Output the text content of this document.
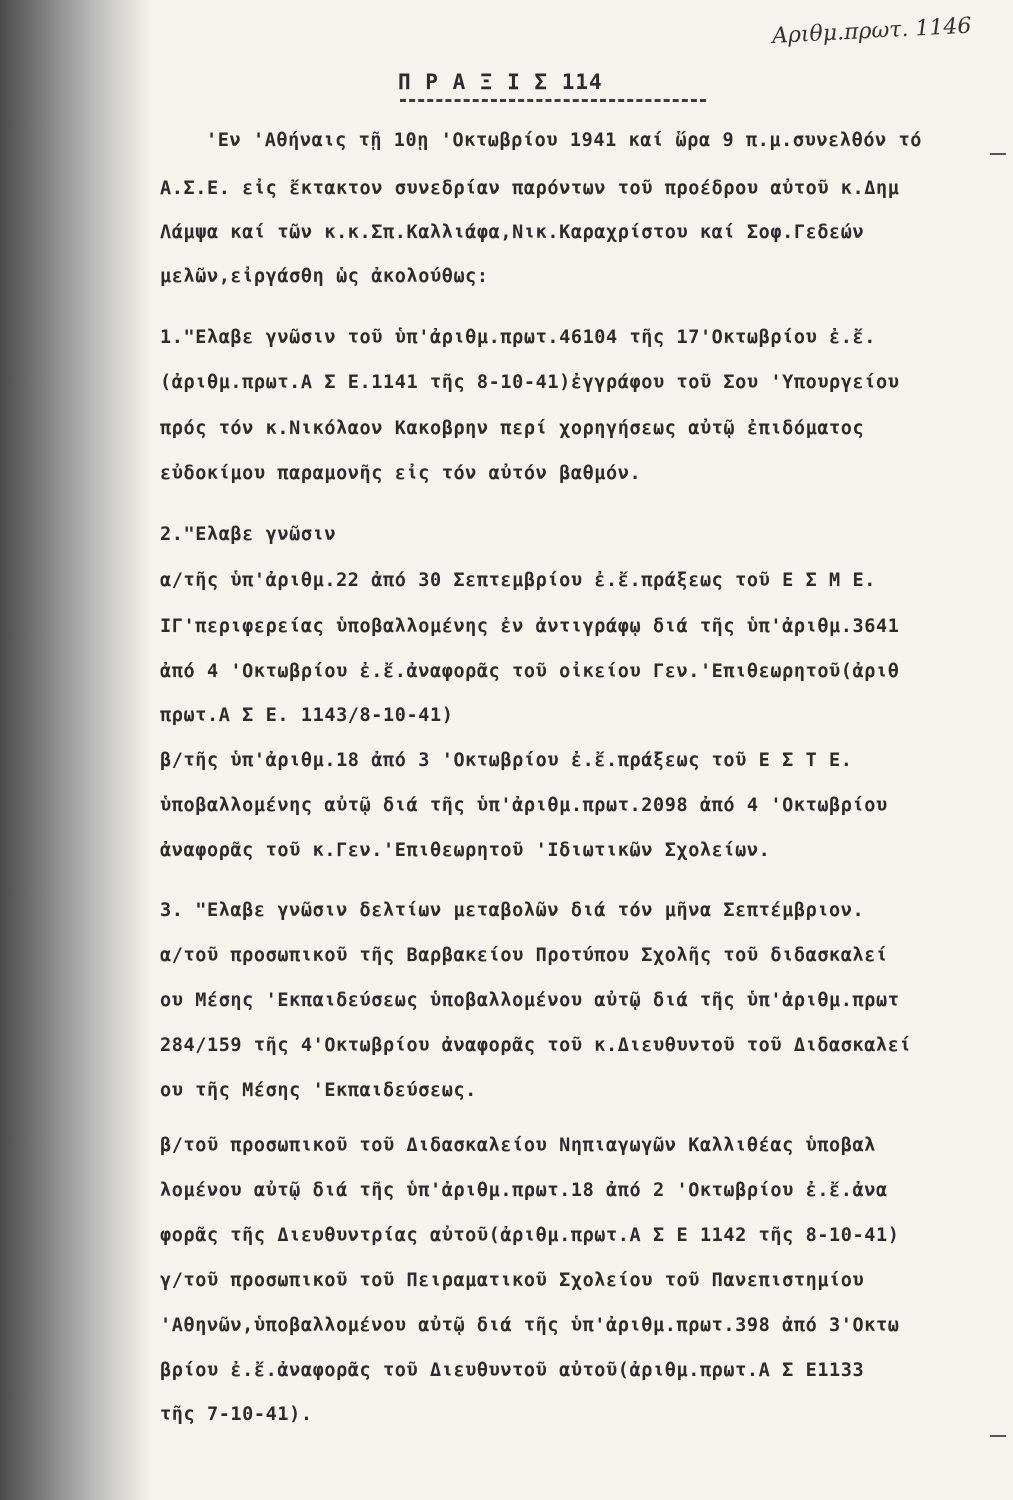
Αριθμ.πρωτ. 1146
Π Ρ Α Ξ Ι Σ 114
'Εν 'Αθήναις τῇ 10ῃ 'Οκτωβρίου 1941 καί ὥρα 9 π.μ.συνελθόν τό
Α.Σ.Ε. εἰς ἔκτακτον συνεδρίαν παρόντων τοῦ προέδρου αὐτοῦ κ.Δημ
Λάμψα καί τῶν κ.κ.Σπ.Καλλιάφα,Νικ.Καραχρίστου καί Σοφ.Γεδεών
μελῶν,εἰργάσθη ὡς ἀκολούθως:
1."Ελαβε γνῶσιν τοῦ ὑπ'ἀριθμ.πρωτ.46104 τῆς 17'Οκτωβρίου ἐ.ἔ.
(ἀριθμ.πρωτ.Α Σ Ε.1141 τῆς 8-10-41)ἐγγράφου τοῦ Σου 'Υπουργείου
πρός τόν κ.Νικόλαον Κακοβρην περί χορηγήσεως αὐτῷ ἐπιδόματος
εὐδοκίμου παραμονῆς εἰς τόν αὐτόν βαθμόν.
2."Ελαβε γνῶσιν
α/τῆς ὑπ'ἀριθμ.22 ἀπό 30 Σεπτεμβρίου ἐ.ἔ.πράξεως τοῦ Ε Σ Μ Ε.
ΙΓ'περιφερείας ὑποβαλλομένης ἐν ἀντιγράφῳ διά τῆς ὑπ'ἀριθμ.3641
ἀπό 4 'Οκτωβρίου ἐ.ἔ.ἀναφορᾶς τοῦ οἰκείου Γεν.'Επιθεωρητοῦ(ἀριθ
πρωτ.Α Σ Ε. 1143/8-10-41)
β/τῆς ὑπ'ἀριθμ.18 ἀπό 3 'Οκτωβρίου ἐ.ἔ.πράξεως τοῦ Ε Σ Τ Ε.
ὑποβαλλομένης αὐτῷ διά τῆς ὑπ'ἀριθμ.πρωτ.2098 ἀπό 4 'Οκτωβρίου
ἀναφορᾶς τοῦ κ.Γεν.'Επιθεωρητοῦ 'Ιδιωτικῶν Σχολείων.
3. "Ελαβε γνῶσιν δελτίων μεταβολῶν διά τόν μῆνα Σεπτέμβριον.
α/τοῦ προσωπικοῦ τῆς Βαρβακείου Προτύπου Σχολῆς τοῦ διδασκαλεί
ου Μέσης 'Εκπαιδεύσεως ὑποβαλλομένου αὐτῷ διά τῆς ὑπ'ἀριθμ.πρωτ
284/159 τῆς 4'Οκτωβρίου ἀναφορᾶς τοῦ κ.Διευθυντοῦ τοῦ Διδασκαλεί
ου τῆς Μέσης 'Εκπαιδεύσεως.
β/τοῦ προσωπικοῦ τοῦ Διδασκαλείου Νηπιαγωγῶν Καλλιθέας ὑποβαλ
λομένου αὐτῷ διά τῆς ὑπ'ἀριθμ.πρωτ.18 ἀπό 2 'Οκτωβρίου ἐ.ἔ.ἀνα
φορᾶς τῆς Διευθυντρίας αὐτοῦ(ἀριθμ.πρωτ.Α Σ Ε 1142 τῆς 8-10-41)
γ/τοῦ προσωπικοῦ τοῦ Πειραματικοῦ Σχολείου τοῦ Πανεπιστημίου
'Αθηνῶν,ὑποβαλλομένου αὐτῷ διά τῆς ὑπ'ἀριθμ.πρωτ.398 ἀπό 3'Οκτω
βρίου ἐ.ἔ.ἀναφορᾶς τοῦ Διευθυντοῦ αὐτοῦ(ἀριθμ.πρωτ.Α Σ Ε1133
τῆς 7-10-41).
